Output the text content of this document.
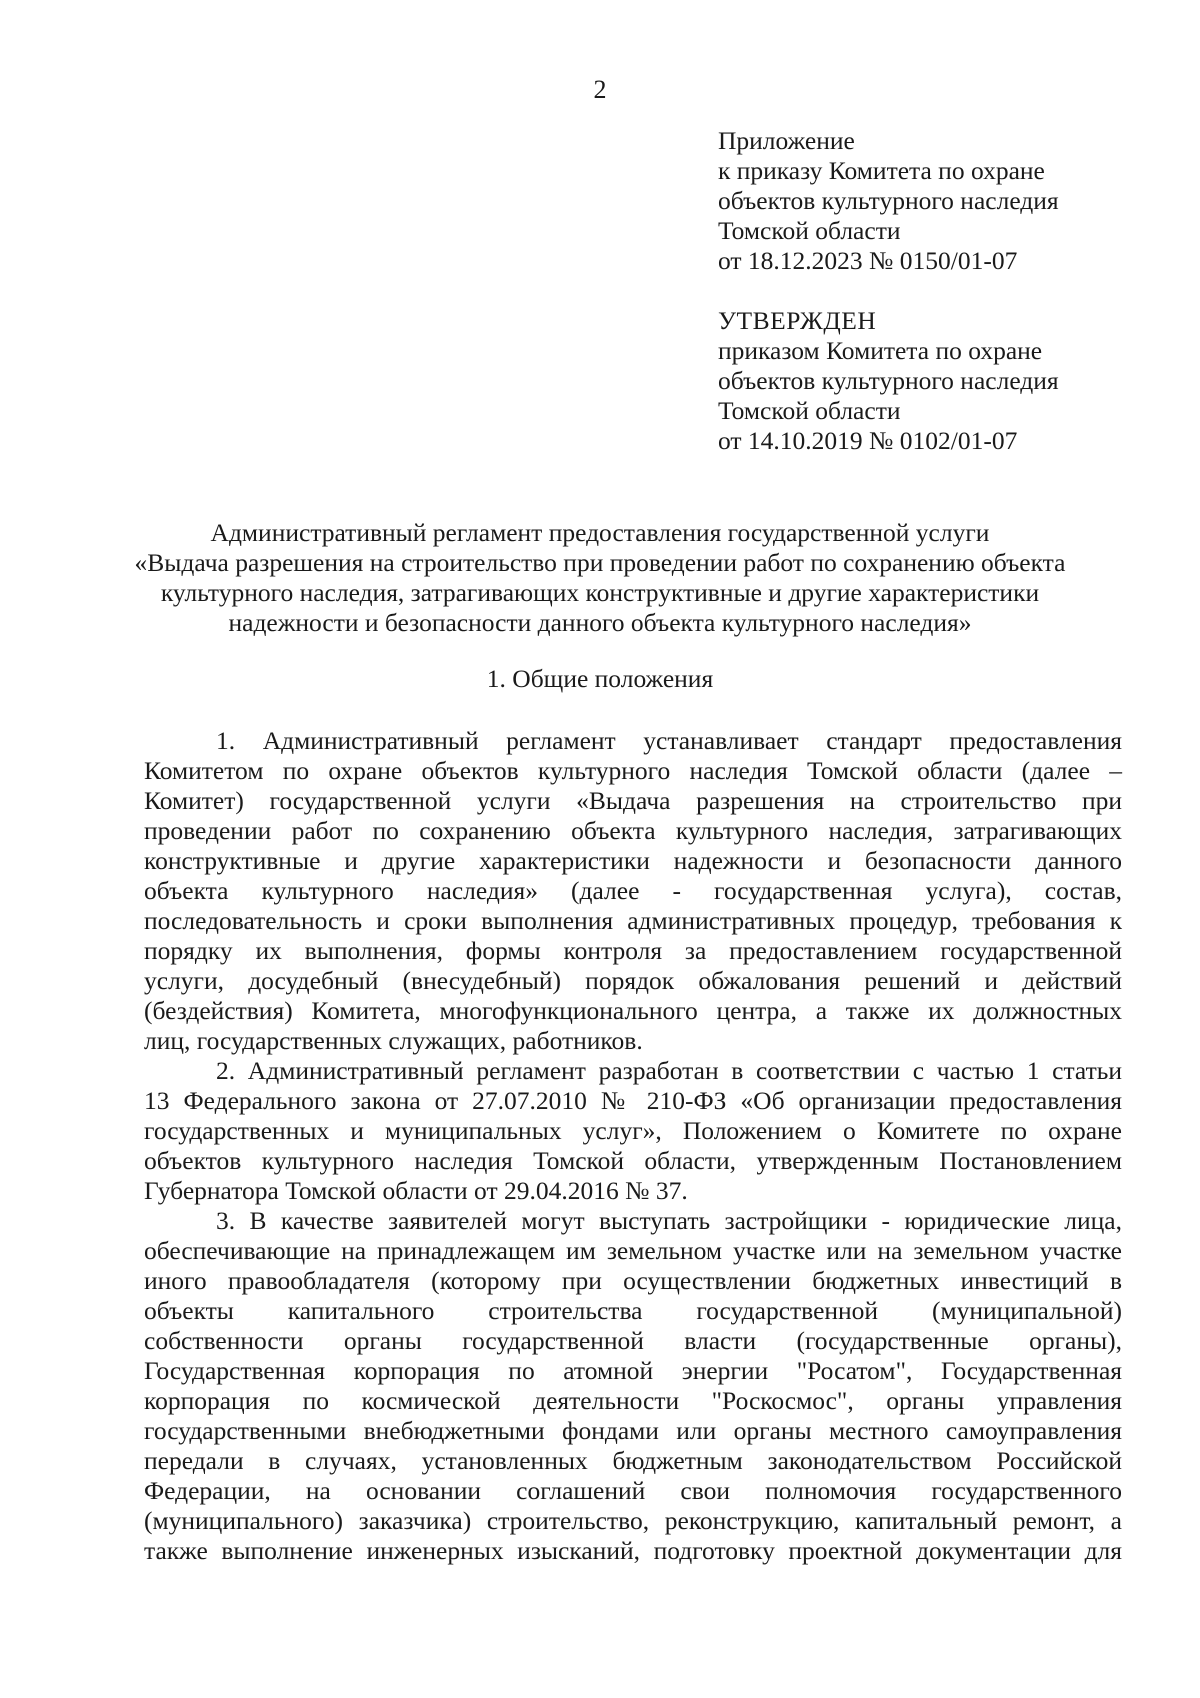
2
Приложение
к приказу Комитета по охране
объектов культурного наследия
Томской области
от 18.12.2023 № 0150/01-07
УТВЕРЖДЕН
приказом Комитета по охране
объектов культурного наследия
Томской области
от 14.10.2019 № 0102/01-07
Административный регламент предоставления государственной услуги
«Выдача разрешения на строительство при проведении работ по сохранению объекта
культурного наследия, затрагивающих конструктивные и другие характеристики
надежности и безопасности данного объекта культурного наследия»
1. Общие положения
1. Административный регламент устанавливает стандарт предоставления
Комитетом по охране объектов культурного наследия Томской области (далее –
Комитет) государственной услуги «Выдача разрешения на строительство при
проведении работ по сохранению объекта культурного наследия, затрагивающих
конструктивные и другие характеристики надежности и безопасности данного
объекта культурного наследия» (далее - государственная услуга), состав,
последовательность и сроки выполнения административных процедур, требования к
порядку их выполнения, формы контроля за предоставлением государственной
услуги, досудебный (внесудебный) порядок обжалования решений и действий
(бездействия) Комитета, многофункционального центра, а также их должностных
лиц, государственных служащих, работников.
2. Административный регламент разработан в соответствии с частью 1 статьи
13 Федерального закона от 27.07.2010 № 210-ФЗ «Об организации предоставления
государственных и муниципальных услуг», Положением о Комитете по охране
объектов культурного наследия Томской области, утвержденным Постановлением
Губернатора Томской области от 29.04.2016 № 37.
3. В качестве заявителей могут выступать застройщики - юридические лица,
обеспечивающие на принадлежащем им земельном участке или на земельном участке
иного правообладателя (которому при осуществлении бюджетных инвестиций в
объекты капитального строительства государственной (муниципальной)
собственности органы государственной власти (государственные органы),
Государственная корпорация по атомной энергии "Росатом", Государственная
корпорация по космической деятельности "Роскосмос", органы управления
государственными внебюджетными фондами или органы местного самоуправления
передали в случаях, установленных бюджетным законодательством Российской
Федерации, на основании соглашений свои полномочия государственного
(муниципального) заказчика) строительство, реконструкцию, капитальный ремонт, а
также выполнение инженерных изысканий, подготовку проектной документации для
